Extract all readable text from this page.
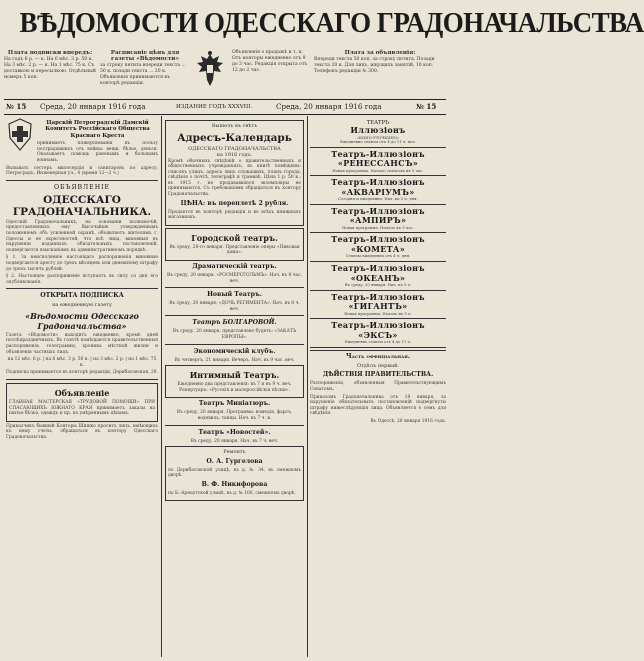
ВѢДОМОСТИ ОДЕССКАГО ГРАДОНАЧАЛЬСТВА
Плата подписки впередъ:
На годъ 6 р. — к. На 6 мѣс. 3 р. 50 к. На 3 мѣс. 2 р. — к. На 1 мѣс. 75 к. Съ доставкою и пересылкою. Отдѣльный номеръ 5 коп.
Расписаніе цѣнъ для газеты «Вѣдомости»
за строку петита впереди текста ... 50 к. позади текста ... 20 к. Объявленія принимаются въ конторѣ редакціи.
Объявленія о продажѣ и т. п. Отъ конторы ежедневно отъ 9 до 3 час. Редакція открыта отъ 12 до 2 час.
Плата за объявленія:
Впереди текста 50 коп. за строку петита. Позади текста 20 к. Для лицъ, ищущихъ занятій, 10 коп. Телефонъ редакціи № 300.
№ 15 Среда, 20 января 1916 года	ИЗДАНИЕ ГОДЪ ХХХVІІІ.	Среда, 20 января 1916 года	№ 15
Царскій Петроградскій Дамскій Комитетъ Россійскаго Общества Краснаго Креста

принимаетъ пожертвованія въ пользу пострадавшихъ отъ войны: вещи, бѣлье, деньги. Оказываетъ помощь раненымъ и больнымъ воинамъ.

Вызывать сестеръ милосердія и санитаровъ по адресу: Петроградъ, Инженерная ул., 4 (время 12—2 ч.)

ОБЪЯВЛЕНІЕ
ОДЕССКАГО ГРАДОНАЧАЛЬНИКА.

Одесскій Градоначальникъ, на основаніи полномочій, предоставленныхъ ему Высочайше утвержденнымъ положеніемъ объ усиленной охранѣ, объявляетъ жителямъ г. Одессы и ея окрестностей, что всѣ лица, виновныя въ нарушеніи изданныхъ обязательныхъ постановленій, подвергаются взысканіямъ въ административномъ порядкѣ.

§ 1. За неисполненіе настоящаго распоряженія виновные подвергаются аресту до трехъ мѣсяцевъ или денежному штрафу до трехъ тысячъ рублей.

§ 2. Настоящее распоряженіе вступаетъ въ силу со дня его опубликованія.

ОТКРЫТА ПОДПИСКА
на ежедневную газету
«Вѣдомости Одесскаго Градоначальства»

Газета «Вѣдомости» выходитъ ежедневно, кромѣ дней послѣпраздничныхъ. Въ газетѣ помѣщаются правительственныя распоряженія, телеграммы, хроника мѣстной жизни и объявленія частныхъ лицъ.

на 12 мѣс. 6 р. | на 6 мѣс. 3 р. 50 к. | на 3 мѣс. 2 р. | на 1 мѣс. 75 к.

Подписка принимается въ конторѣ редакціи, Дерибасовская, 29.

Объявленіе

ГЛАВНАЯ МАСТЕРСКАЯ «ТРУДОВОЙ ПОМОЩИ» ПРИ СПАСАЮЩИХЪ ЮЖНАГО КРАЯ принимаетъ заказы на шитье бѣлья, одеждъ и пр. по умѣреннымъ цѣнамъ.

Приказчикъ бывшей Конторы Шишко проситъ лицъ, имѣющихъ къ нему счеты, обращаться въ контору Одесскаго Градоначальства.

Вышелъ въ свѣтъ
Адресъ-Календарь
ОДЕССКАГО ГРАДОНАЧАЛЬСТВА
на 1916 годъ.

Кромѣ обычныхъ свѣдѣній о правительственныхъ и общественныхъ учрежденіяхъ, въ книгѣ помѣщены: списокъ улицъ, адреса лицъ служащихъ, планъ города, свѣдѣнія о почтѣ, телеграфѣ и трамваѣ. Цѣна 1 р. 50 к.; въ 1915 г. не продававшіеся экземпляры не принимаются. Съ требованіями обращаться въ контору Градоначальства.

ЦѢНА: въ переплетѣ 2 рубля.

Продается въ конторѣ редакціи и во всѣхъ книжныхъ магазинахъ.

Городской театръ.

Въ среду, 20-го января. Представленіе оперы «Пиковая дама».

Драматическій театръ.

Въ среду, 20 января. «РОСМЕРСГОЛЬМЪ». Нач. въ 8 час. веч.

Новый Театръ.

Въ среду, 20 января. «ДОЧЬ РЕГИМЕНТА». Нач. въ 8 ч. веч.

Театръ БОЛГАРОВОЙ.

Въ среду, 20 января, представлено будетъ: «ЗАКАТЪ ЕВРОПЫ».

Экономическій клубъ.

Въ четвергъ, 21 января. Вечеръ. Нач. въ 9 час. веч.

Интимный Театръ.

Ежедневно два представленія: въ 7 и въ 9 ч. веч. Репертуаръ: «Русскія и малороссійскія пѣсни».

Театръ Миніатюръ.

Въ среду, 20 января. Программа: комедія, фарсъ, водевиль, танцы. Нач. въ 7 ч. в.

Театръ «Новостей».

Въ среду, 20 января. Нач. въ 7 ч. веч.

Ремонтъ
О. А. Гургелова

по Дерибасовской улицѣ, въ д. № 34, въ смежномъ дворѣ.

В. Ф. Никифорова

по Б.-Арнаутской улицѣ, въ д. № 100, смежномъ дворѣ.

ТЕАТРЪ
Иллюзіонъ
«КИНО-УТОЧКИНО»
Ежедневно сеансы отъ 4 до 11 ч. веч.
Театръ-Иллюзіонъ «РЕНЕССАНСЪ»
Новая программа. Начало сеансовъ въ 5 час.
Театръ-Иллюзіонъ «АКВАРІУМЪ»
Сегодня и ежедневно. Нач. въ 5 ч. дня.
Театръ-Иллюзіонъ «АМПИРЪ»
Новая программа. Начало въ 5 час.
Театръ-Иллюзіонъ «КОМЕТА»
Сеансы ежедневно отъ 4 ч. дня.
Театръ-Иллюзіонъ «ОКЕАНЪ»
Въ среду, 20 января. Нач. въ 5 ч.
Театръ-Иллюзіонъ «ГИГАНТЪ»
Новая программа. Начало въ 5 ч.
Театръ-Иллюзіонъ «ЭКСЪ»
Ежедневно сеансы отъ 4 до 11 ч.
Часть оффиціальная.
Отдѣлъ первый.
ДѢЙСТВІЯ ПРАВИТЕЛЬСТВА.

Распоряженія, объявленныя Правительствующимъ Сенатомъ.

Приказомъ Градоначальника отъ 19 января, за нарушеніе обязательныхъ постановленій подвергнуты штрафу нижеслѣдующія лица. Объявляется о семъ для свѣдѣнія.

Въ Одессѣ, 20 января 1916 года.
